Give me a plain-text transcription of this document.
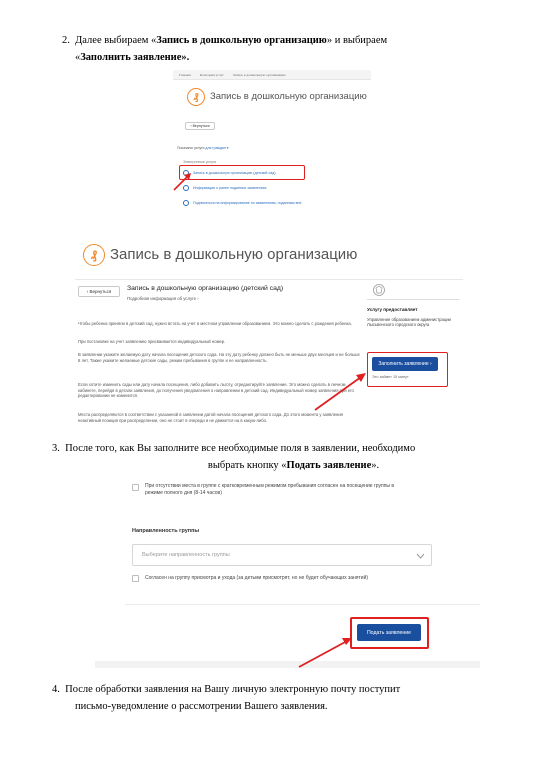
2. Далее выбираем «Запись в дошкольную организацию» и выбираем
«Заполнить заявление».
Главная	Категория услуг	Запись в дошкольную организацию
₰ Запись в дошкольную организацию
‹ Вернуться
Показаны услуги для граждан ▾
Электронные услуги
Запись в дошкольную организацию (детский сад)
Информация о ранее поданных заявлениях
Подписаться на информирование по заявлениям, поданным вне
₰ Запись в дошкольную организацию
‹ Вернуться	Запись в дошкольную организацию (детский сад)
Подробная информация об услуге ›
Чтобы ребенка приняли в детский сад, нужно встать на учет в местном управлении образованием. Это можно сделать с рождения ребенка.
При постановке на учет заявлению присваивается индивидуальный номер.
В заявлении укажите желаемую дату начала посещения детского сада. На эту дату ребенку должно быть не меньше двух месяцев и не больше 8 лет. Также укажите желаемые детские сады, режим пребывания в группе и ее направленность.
Если хотите изменить сады или дату начала посещения, либо добавить льготу, отредактируйте заявление. Это можно сделать в личном кабинете, перейдя в детали заявления, до получения уведомления о направлении в детский сад. Индивидуальный номер заявления при его редактировании не изменится.
Места распределяются в соответствии с указанной в заявлении датой начала посещения детского сада. До этого момента у заявления неактивный позиция при распределении, оно не стоит в очереди и не движется на в какую-либо.
Услугу предоставляет
Управление образованием администрации Лысьвенского городского округа
Заполнить заявление ›
Это займет 15 минут
3. После того, как Вы заполните все необходимые поля в заявлении, необходимо
выбрать кнопку «Подать заявление».
При отсутствии места в группе с кратковременным режимом пребывания согласен на посещение группы в
режиме полного дня (8-14 часов)
Направленность группы
Выберите направленность группы
Согласен на группу присмотра и ухода (за детьми присмотрят, но не будет обучающих занятий)
Подать заявление
4. После обработки заявления на Вашу личную электронную почту поступит
письмо-уведомление о рассмотрении Вашего заявления.
